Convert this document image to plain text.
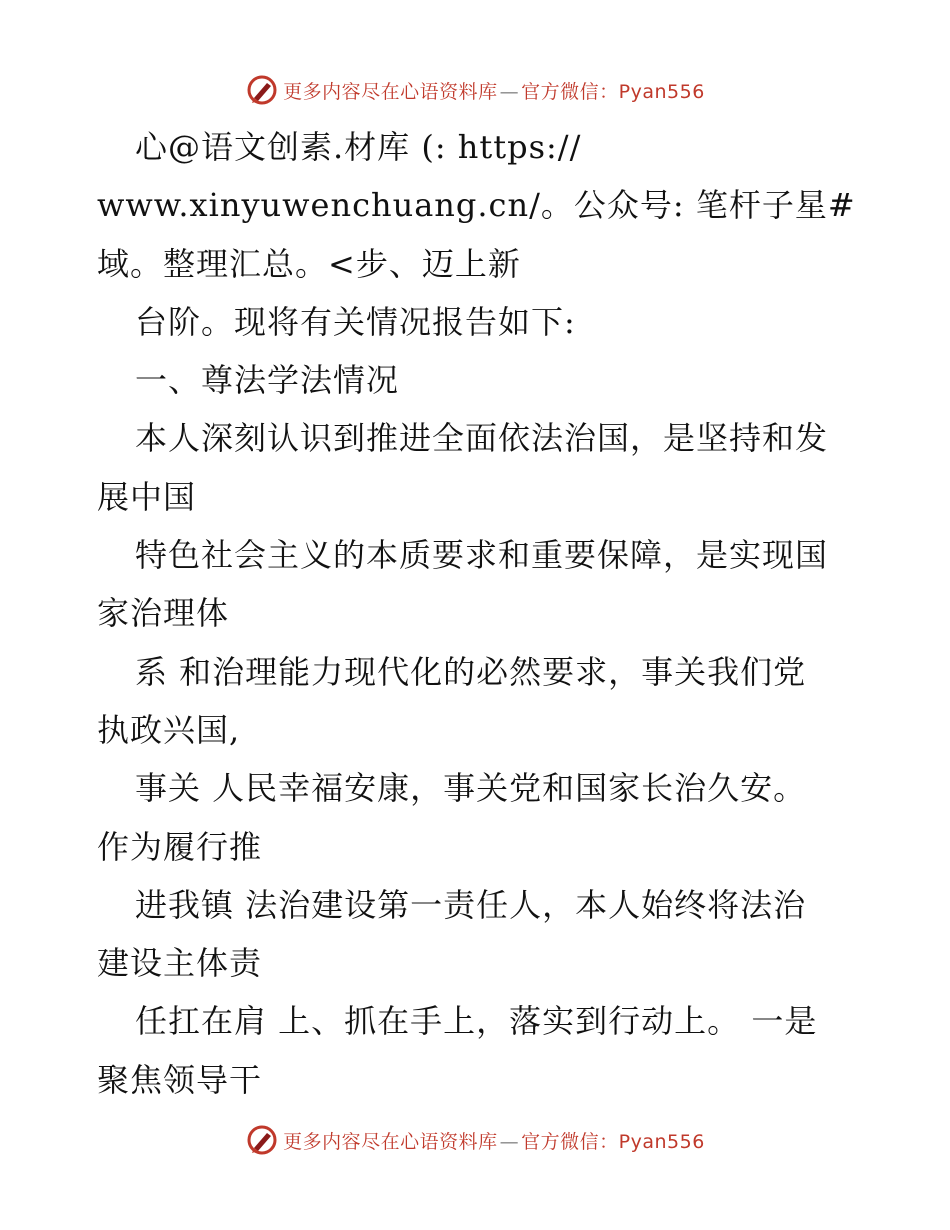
更多内容尽在心语资料库 — 官方微信：Pyan556
心@语文创素.材库 (: https://
www.xinyuwenchuang.cn/。公众号: 笔杆子星#
域。整理汇总。<步、迈上新
台阶。现将有关情况报告如下:
一、尊法学法情况
本人深刻认识到推进全面依法治国，是坚持和发
展中国
特色社会主义的本质要求和重要保障，是实现国
家治理体
系 和治理能力现代化的必然要求，事关我们党
执政兴国,
事关 人民幸福安康，事关党和国家长治久安。
作为履行推
进我镇 法治建设第一责任人，本人始终将法治
建设主体责
任扛在肩 上、抓在手上，落实到行动上。 一是
聚焦领导干
更多内容尽在心语资料库 — 官方微信：Pyan556
